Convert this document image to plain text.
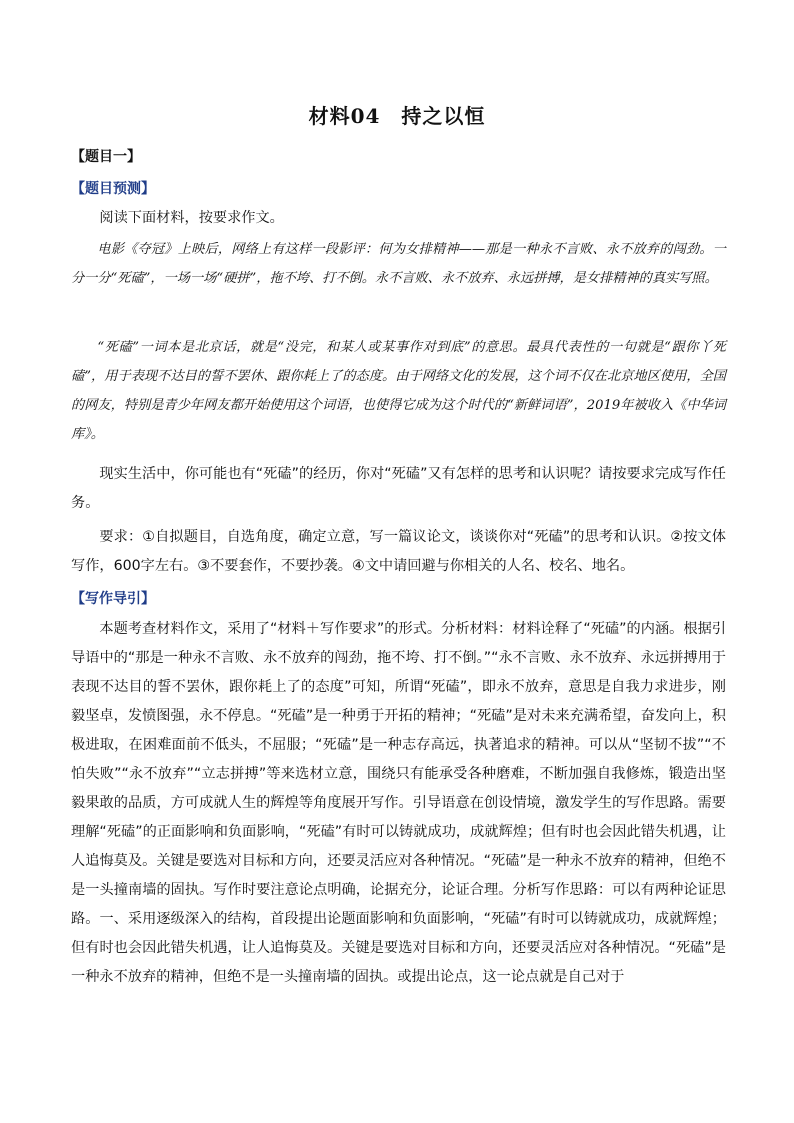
材料04　持之以恒
【题目一】
【题目预测】

阅读下面材料，按要求作文。

电影《夺冠》上映后，网络上有这样一段影评：何为女排精神——那是一种永不言败、永不放弃的闯劲。一分一分“死磕”，一场一场“硬拼”，拖不垮、打不倒。永不言败、永不放弃、永远拼搏，是女排精神的真实写照。

“死磕”一词本是北京话，就是“没完，和某人或某事作对到底”的意思。最具代表性的一句就是“跟你丫死磕”，用于表现不达目的誓不罢休、跟你耗上了的态度。由于网络文化的发展，这个词不仅在北京地区使用，全国的网友，特别是青少年网友都开始使用这个词语，也使得它成为这个时代的“新鲜词语”，2019年被收入《中华词库》。

现实生活中，你可能也有“死磕”的经历，你对“死磕”又有怎样的思考和认识呢？请按要求完成写作任务。

要求：①自拟题目，自选角度，确定立意，写一篇议论文，谈谈你对“死磕”的思考和认识。②按文体写作，600字左右。③不要套作，不要抄袭。④文中请回避与你相关的人名、校名、地名。

【写作导引】

本题考查材料作文，采用了“材料＋写作要求”的形式。分析材料：材料诠释了“死磕”的内涵。根据引导语中的“那是一种永不言败、永不放弃的闯劲，拖不垮、打不倒。”“永不言败、永不放弃、永远拼搏用于表现不达目的誓不罢休，跟你耗上了的态度”可知，所谓“死磕”，即永不放弃，意思是自我力求进步，刚毅坚卓，发愤图强，永不停息。“死磕”是一种勇于开拓的精神；“死磕”是对未来充满希望，奋发向上，积极进取，在困难面前不低头，不屈服；“死磕”是一种志存高远，执著追求的精神。可以从“坚韧不拔”“不怕失败”“永不放弃”“立志拼搏”等来选材立意，围绕只有能承受各种磨难，不断加强自我修炼，锻造出坚毅果敢的品质，方可成就人生的辉煌等角度展开写作。引导语意在创设情境，激发学生的写作思路。需要理解“死磕”的正面影响和负面影响，“死磕”有时可以铸就成功，成就辉煌；但有时也会因此错失机遇，让人追悔莫及。关键是要选对目标和方向，还要灵活应对各种情况。“死磕”是一种永不放弃的精神，但绝不是一头撞南墙的固执。写作时要注意论点明确，论据充分，论证合理。分析写作思路：可以有两种论证思路。一、采用逐级深入的结构，首段提出论题面影响和负面影响，“死磕”有时可以铸就成功，成就辉煌；但有时也会因此错失机遇，让人追悔莫及。关键是要选对目标和方向，还要灵活应对各种情况。“死磕”是一种永不放弃的精神，但绝不是一头撞南墙的固执。或提出论点，这一论点就是自己对于
